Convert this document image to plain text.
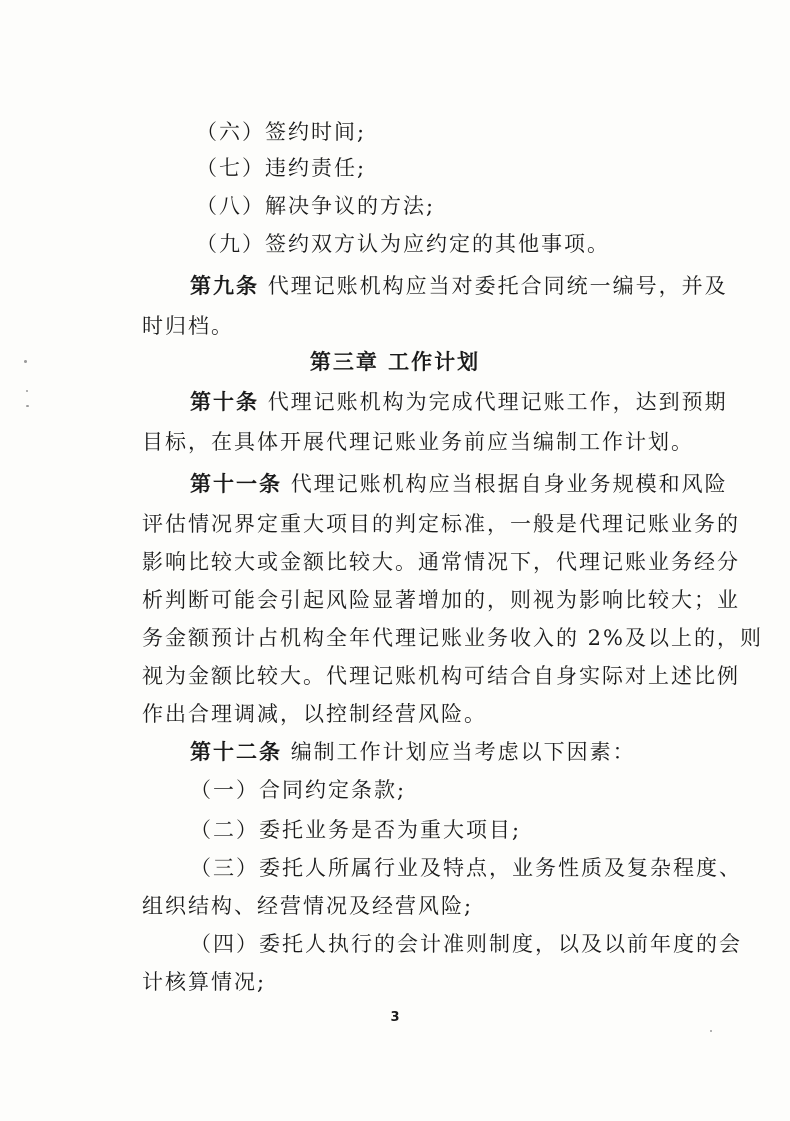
（六）签约时间;
（七）违约责任;
（八）解决争议的方法;
（九）签约双方认为应约定的其他事项。
第九条 代理记账机构应当对委托合同统一编号，并及
时归档。
第三章 工作计划
第十条 代理记账机构为完成代理记账工作，达到预期
目标，在具体开展代理记账业务前应当编制工作计划。
第十一条 代理记账机构应当根据自身业务规模和风险
评估情况界定重大项目的判定标准，一般是代理记账业务的
影响比较大或金额比较大。通常情况下，代理记账业务经分
析判断可能会引起风险显著增加的，则视为影响比较大；业
务金额预计占机构全年代理记账业务收入的 2%及以上的，则
视为金额比较大。代理记账机构可结合自身实际对上述比例
作出合理调减，以控制经营风险。
第十二条 编制工作计划应当考虑以下因素：
（一）合同约定条款;
（二）委托业务是否为重大项目;
（三）委托人所属行业及特点，业务性质及复杂程度、
组织结构、经营情况及经营风险;
（四）委托人执行的会计准则制度，以及以前年度的会
计核算情况;
3
